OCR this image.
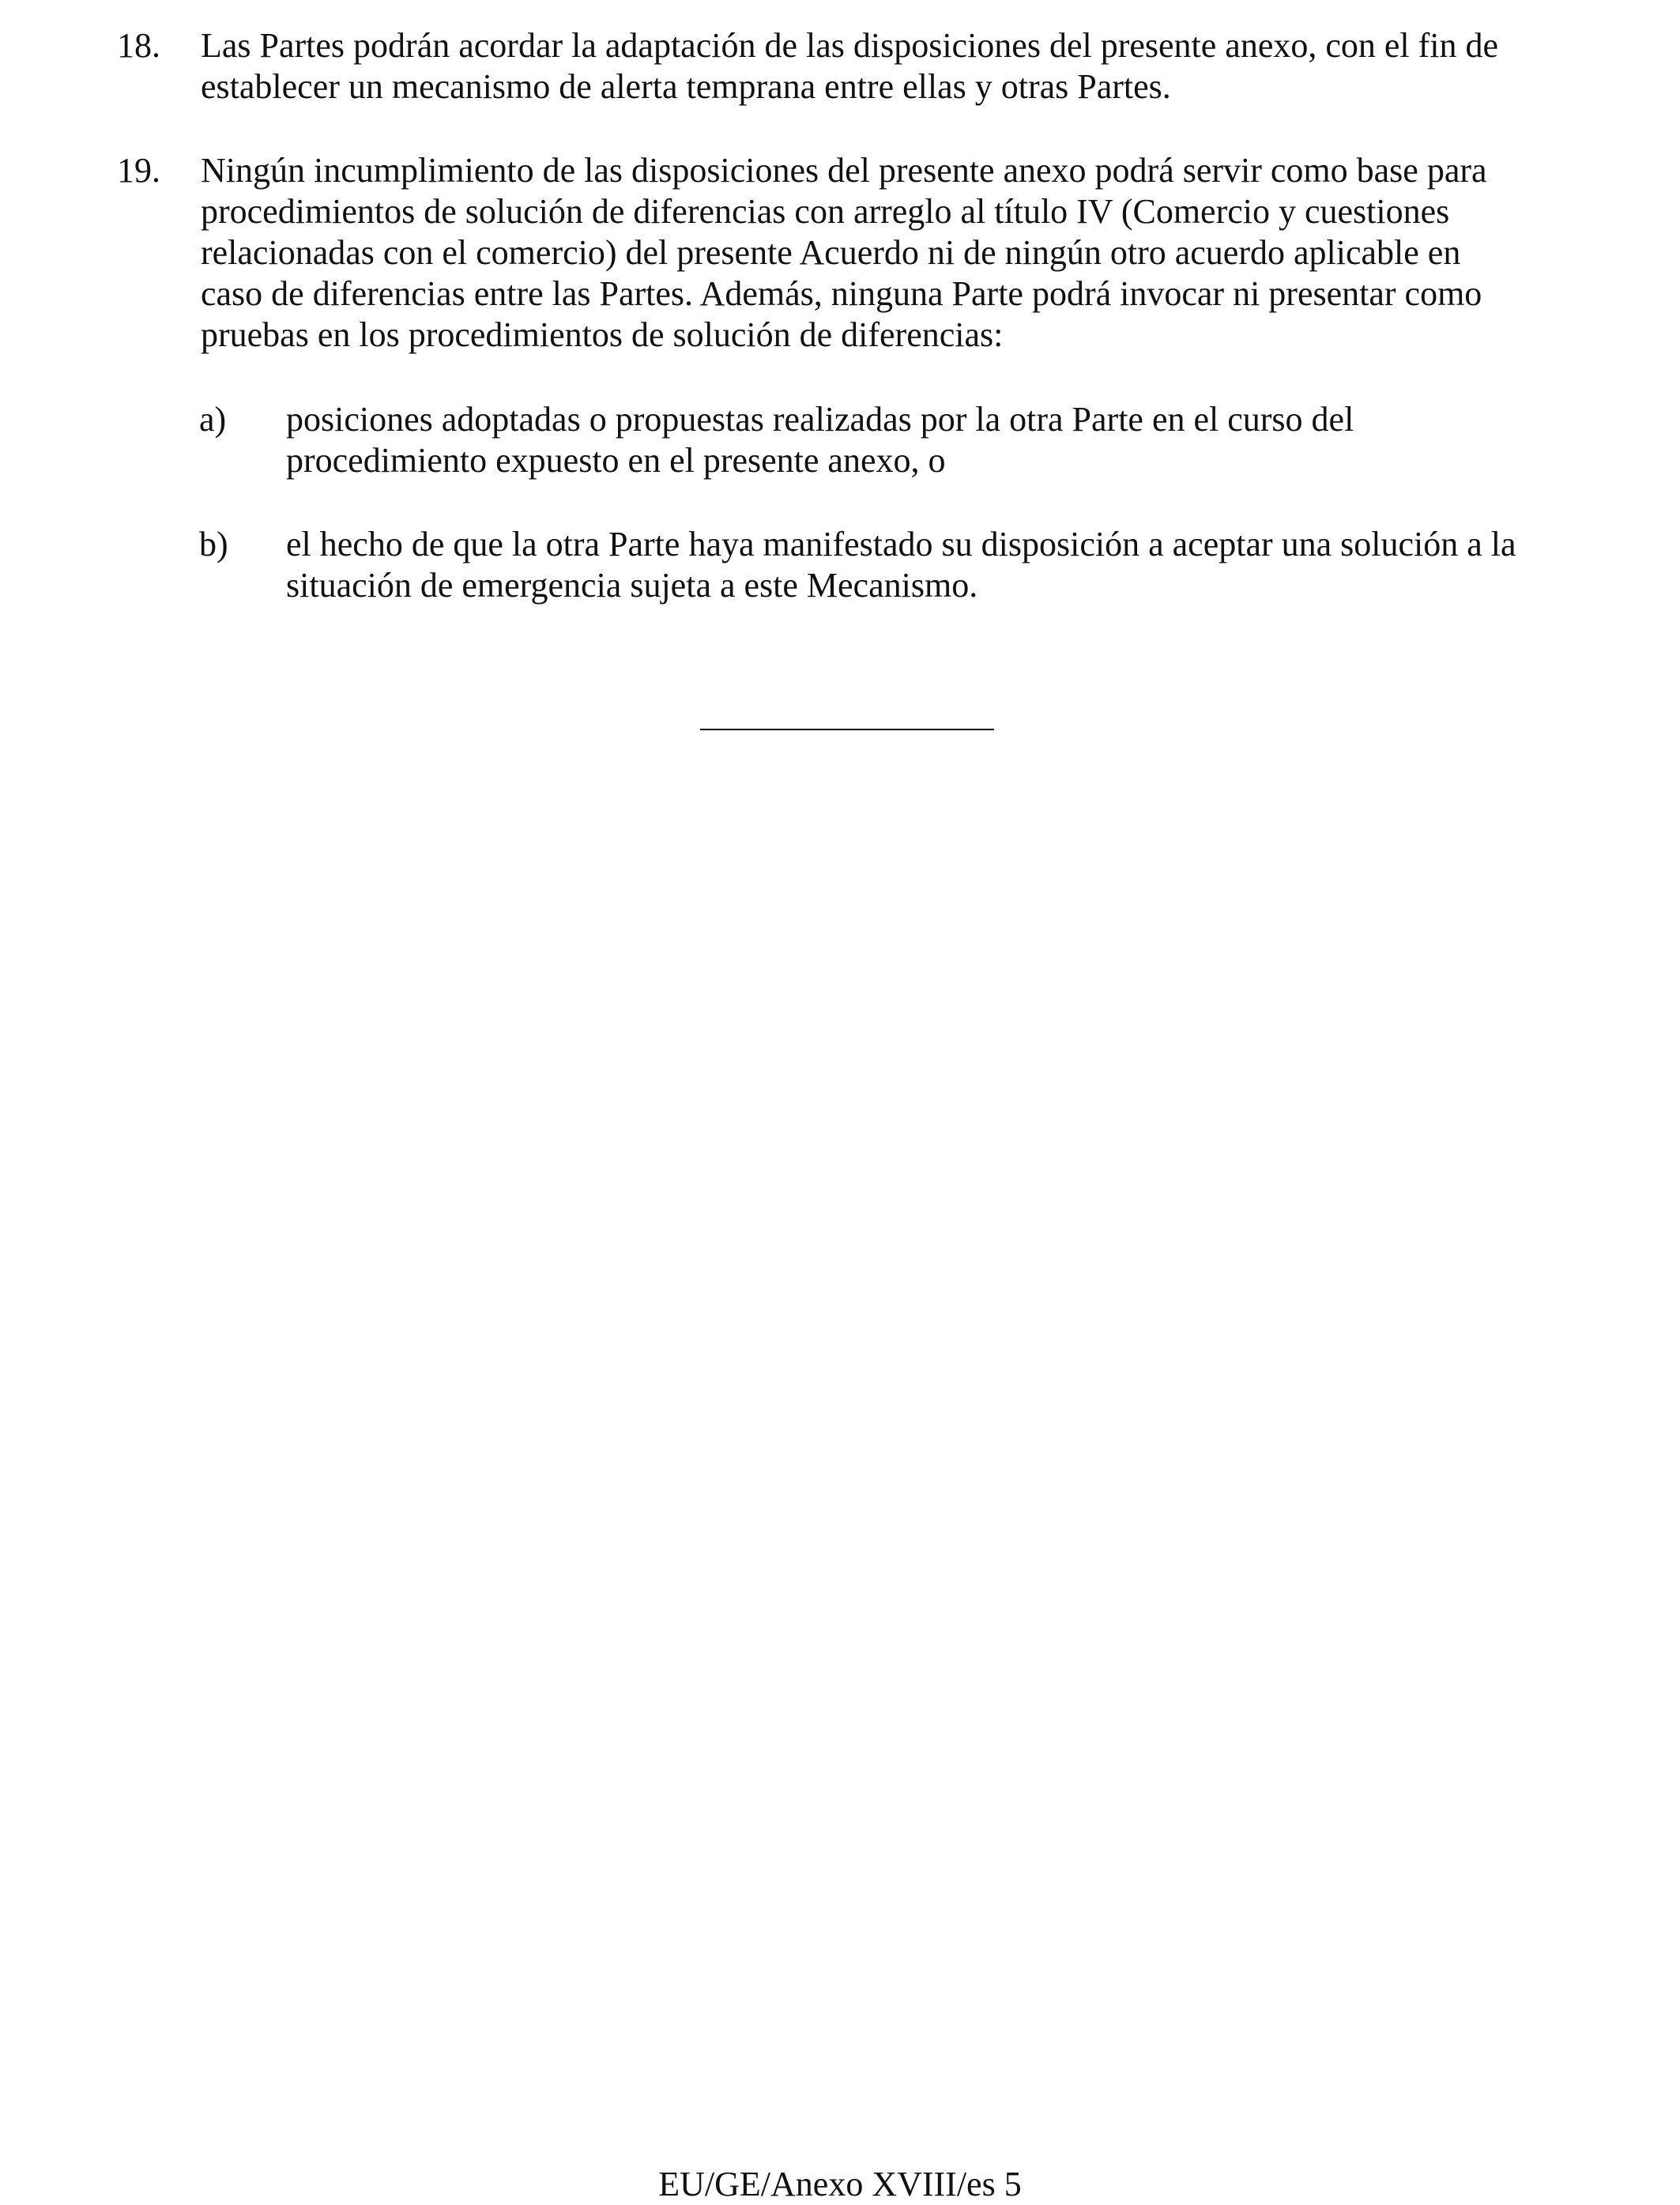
18.	Las Partes podrán acordar la adaptación de las disposiciones del presente anexo, con el fin de
establecer un mecanismo de alerta temprana entre ellas y otras Partes.
19.	Ningún incumplimiento de las disposiciones del presente anexo podrá servir como base para
procedimientos de solución de diferencias con arreglo al título IV (Comercio y cuestiones
relacionadas con el comercio) del presente Acuerdo ni de ningún otro acuerdo aplicable en
caso de diferencias entre las Partes. Además, ninguna Parte podrá invocar ni presentar como
pruebas en los procedimientos de solución de diferencias:
a)	posiciones adoptadas o propuestas realizadas por la otra Parte en el curso del
procedimiento expuesto en el presente anexo, o
b)	el hecho de que la otra Parte haya manifestado su disposición a aceptar una solución a la
situación de emergencia sujeta a este Mecanismo.
EU/GE/Anexo XVIII/es 5
